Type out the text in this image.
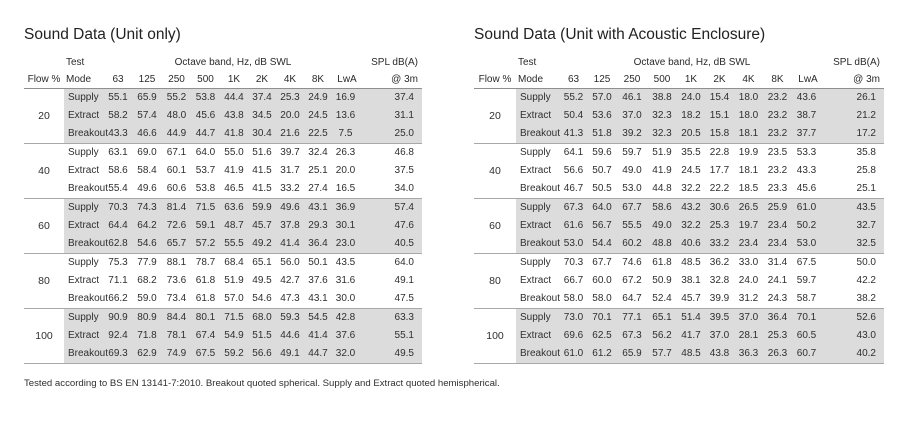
Sound Data (Unit only)
	Test	Octave band, Hz, dB SWL									SPL dB(A)
Flow %	Mode	63	125	250	500	1K	2K	4K	8K	LwA	@ 3m
	Supply	55.1	65.9	55.2	53.8	44.4	37.4	25.3	24.9	16.9	37.4
20	Extract	58.2	57.4	48.0	45.6	43.8	34.5	20.0	24.5	13.6	31.1
	Breakout	43.3	46.6	44.9	44.7	41.8	30.4	21.6	22.5	7.5	25.0
	Supply	63.1	69.0	67.1	64.0	55.0	51.6	39.7	32.4	26.3	46.8
40	Extract	58.6	58.4	60.1	53.7	41.9	41.5	31.7	25.1	20.0	37.5
	Breakout	55.4	49.6	60.6	53.8	46.5	41.5	33.2	27.4	16.5	34.0
	Supply	70.3	74.3	81.4	71.5	63.6	59.9	49.6	43.1	36.9	57.4
60	Extract	64.4	64.2	72.6	59.1	48.7	45.7	37.8	29.3	30.1	47.6
	Breakout	62.8	54.6	65.7	57.2	55.5	49.2	41.4	36.4	23.0	40.5
	Supply	75.3	77.9	88.1	78.7	68.4	65.1	56.0	50.1	43.5	64.0
80	Extract	71.1	68.2	73.6	61.8	51.9	49.5	42.7	37.6	31.6	49.1
	Breakout	66.2	59.0	73.4	61.8	57.0	54.6	47.3	43.1	30.0	47.5
	Supply	90.9	80.9	84.4	80.1	71.5	68.0	59.3	54.5	42.8	63.3
100	Extract	92.4	71.8	78.1	67.4	54.9	51.5	44.6	41.4	37.6	55.1
	Breakout	69.3	62.9	74.9	67.5	59.2	56.6	49.1	44.7	32.0	49.5
Sound Data (Unit with Acoustic Enclosure)
	Test	Octave band, Hz, dB SWL									SPL dB(A)
Flow %	Mode	63	125	250	500	1K	2K	4K	8K	LwA	@ 3m
	Supply	55.2	57.0	46.1	38.8	24.0	15.4	18.0	23.2	43.6	26.1
20	Extract	50.4	53.6	37.0	32.3	18.2	15.1	18.0	23.2	38.7	21.2
	Breakout	41.3	51.8	39.2	32.3	20.5	15.8	18.1	23.2	37.7	17.2
	Supply	64.1	59.6	59.7	51.9	35.5	22.8	19.9	23.5	53.3	35.8
40	Extract	56.6	50.7	49.0	41.9	24.5	17.7	18.1	23.2	43.3	25.8
	Breakout	46.7	50.5	53.0	44.8	32.2	22.2	18.5	23.3	45.6	25.1
	Supply	67.3	64.0	67.7	58.6	43.2	30.6	26.5	25.9	61.0	43.5
60	Extract	61.6	56.7	55.5	49.0	32.2	25.3	19.7	23.4	50.2	32.7
	Breakout	53.0	54.4	60.2	48.8	40.6	33.2	23.4	23.4	53.0	32.5
	Supply	70.3	67.7	74.6	61.8	48.5	36.2	33.0	31.4	67.5	50.0
80	Extract	66.7	60.0	67.2	50.9	38.1	32.8	24.0	24.1	59.7	42.2
	Breakout	58.0	58.0	64.7	52.4	45.7	39.9	31.2	24.3	58.7	38.2
	Supply	73.0	70.1	77.1	65.1	51.4	39.5	37.0	36.4	70.1	52.6
100	Extract	69.6	62.5	67.3	56.2	41.7	37.0	28.1	25.3	60.5	43.0
	Breakout	61.0	61.2	65.9	57.7	48.5	43.8	36.3	26.3	60.7	40.2
Tested according to BS EN 13141-7:2010. Breakout quoted spherical. Supply and Extract quoted hemispherical.
